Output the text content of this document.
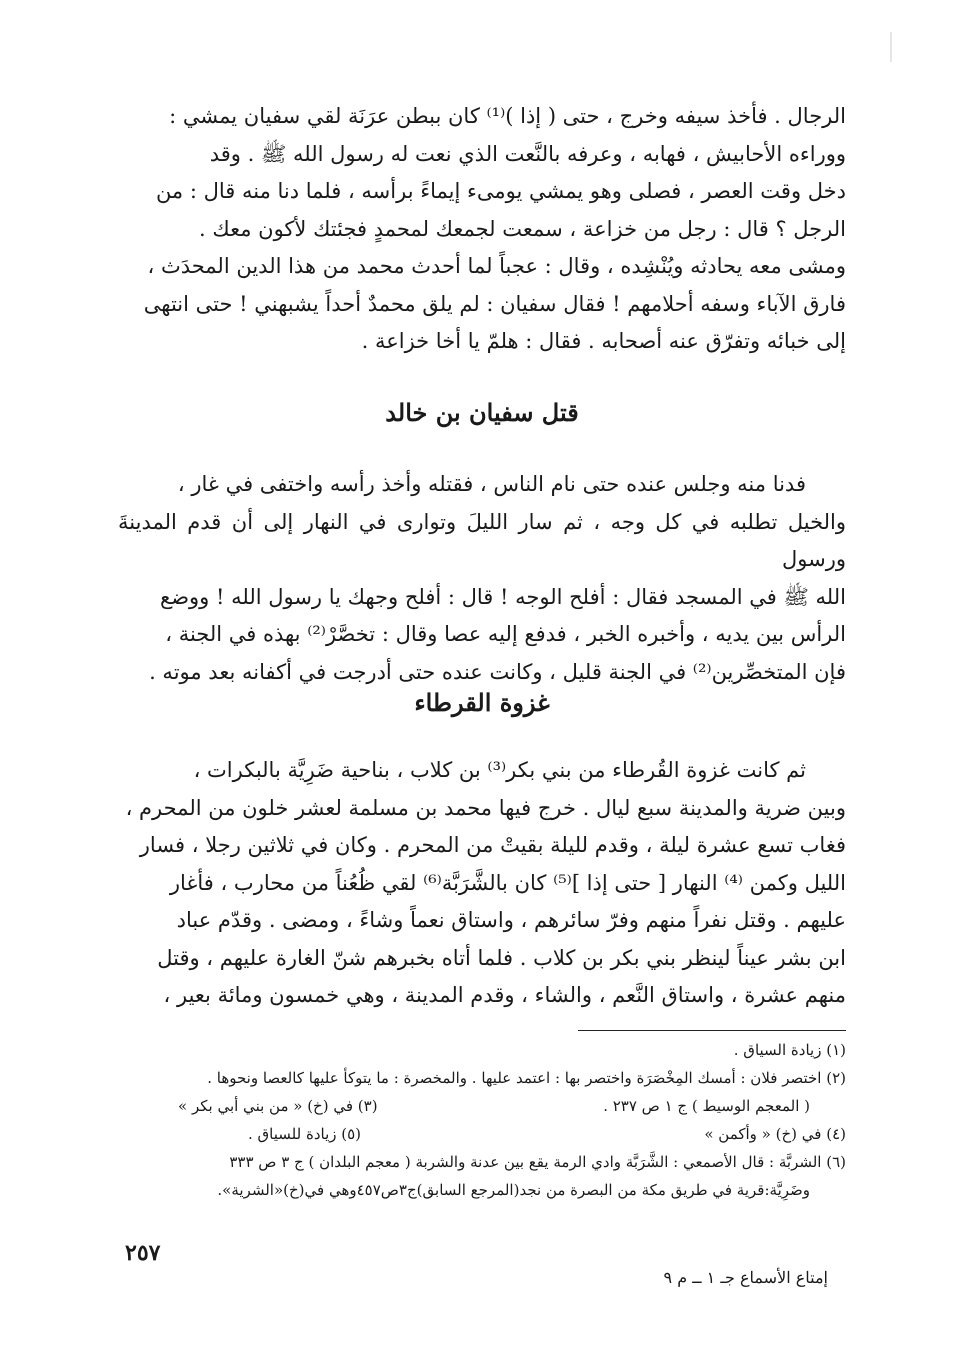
الرجال . فأخذ سيفه وخرج ، حتى ( إذا )⁽¹⁾ كان ببطن عرَنَة لقي سفيان يمشي :

ووراءه الأحابيش ، فهابه ، وعرفه بالنَّعت الذي نعت له رسول الله ﷺ . وقد

دخل وقت العصر ، فصلى وهو يمشي يومىء إيماءً برأسه ، فلما دنا منه قال : من

الرجل ؟ قال : رجل من خزاعة ، سمعت لجمعك لمحمدٍ فجئتك لأكون معك .

ومشى معه يحادثه ويُنْشِده ، وقال : عجباً لما أحدث محمد من هذا الدين المحدَث ،

فارق الآباء وسفه أحلامهم ! فقال سفيان : لم يلق محمدٌ أحداً يشبهني ! حتى انتهى

إلى خبائه وتفرّق عنه أصحابه . فقال : هلمّ يا أخا خزاعة .

قتل سفيان بن خالد

فدنا منه وجلس عنده حتى نام الناس ، فقتله وأخذ رأسه واختفى في غار ،

والخيل تطلبه في كل وجه ، ثم سار الليلَ وتوارى في النهار إلى أن قدم المدينةَ ورسول

الله ﷺ في المسجد فقال : أفلح الوجه ! قال : أفلح وجهك يا رسول الله ! ووضع

الرأس بين يديه ، وأخبره الخبر ، فدفع إليه عصا وقال : تخصَّرْ⁽²⁾ بهذه في الجنة ،

فإن المتخصِّرين⁽²⁾ في الجنة قليل ، وكانت عنده حتى أدرجت في أكفانه بعد موته .

غزوة القرطاء

ثم كانت غزوة القُرطاء من بني بكر⁽³⁾ بن كلاب ، بناحية ضَرِيَّة بالبكرات ،

وبين ضرية والمدينة سبع ليال . خرج فيها محمد بن مسلمة لعشر خلون من المحرم ،

فغاب تسع عشرة ليلة ، وقدم لليلة بقيتْ من المحرم . وكان في ثلاثين رجلا ، فسار

الليل وكمن ⁽⁴⁾ النهار [ حتى إذا ]⁽⁵⁾ كان بالشَّرَبَّة⁽⁶⁾ لقي ظُعُناً من محارب ، فأغار

عليهم . وقتل نفراً منهم وفرّ سائرهم ، واستاق نعماً وشاءً ، ومضى . وقدّم عباد

ابن بشر عيناً لينظر بني بكر بن كلاب . فلما أتاه بخبرهم شنّ الغارة عليهم ، وقتل

منهم عشرة ، واستاق النَّعم ، والشاء ، وقدم المدينة ، وهي خمسون ومائة بعير ،

(١) زيادة السياق .
(٢) اختصر فلان : أمسك المِخْصَرَة واختصر بها : اعتمد عليها . والمخصرة : ما يتوكأ عليها كالعصا ونحوها .
( المعجم الوسيط ) ج ١ ص ٢٣٧ .
(٣) في (خ) « من بني أبي بكر »
(٤) في (خ) « وأكمن »
(٥) زيادة للسياق .
(٦) الشربَّة : قال الأصمعي : الشَّرَبَّة وادي الرمة يقع بين عدنة والشربة ( معجم البلدان ) ج ٣ ص ٣٣٣
وضَرِيَّة:قرية في طريق مكة من البصرة من نجد(المرجع السابق)ج٣ص٤٥٧وهي في(خ)«الشرية».
٢٥٧
إمتاع الأسماع جـ ١ ــ م ٩
